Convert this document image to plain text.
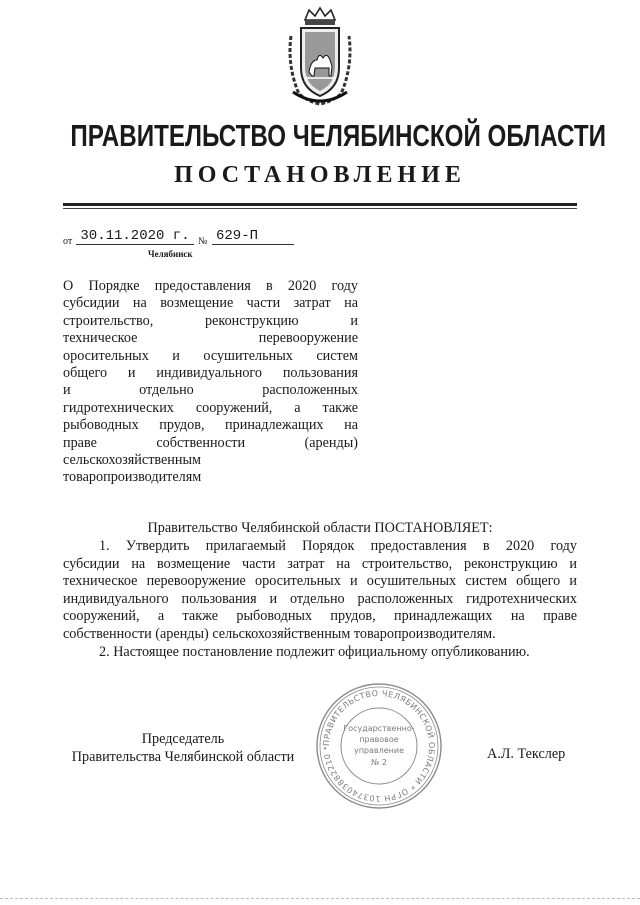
ПРАВИТЕЛЬСТВО ЧЕЛЯБИНСКОЙ ОБЛАСТИ
ПОСТАНОВЛЕНИЕ
от 30.11.2020 г. № 629-П
Челябинск
О Порядке предоставления в 2020 году
субсидии на возмещение части затрат на
строительство, реконструкцию и
техническое перевооружение
оросительных и осушительных систем
общего и индивидуального пользования
и отдельно расположенных
гидротехнических сооружений, а также
рыбоводных прудов, принадлежащих на
праве собственности (аренды)
сельскохозяйственным
товаропроизводителям
Правительство Челябинской области ПОСТАНОВЛЯЕТ:
1. Утвердить прилагаемый Порядок предоставления в 2020 году
субсидии на возмещение части затрат на строительство, реконструкцию и
техническое перевооружение оросительных и осушительных систем общего и
индивидуального пользования и отдельно расположенных гидротехнических
сооружений, а также рыбоводных прудов, принадлежащих на праве
собственности (аренды) сельскохозяйственным товаропроизводителям.
2. Настоящее постановление подлежит официальному опубликованию.
Председатель
Правительства Челябинской области	А.Л. Текслер
ПРАВИТЕЛЬСТВО ЧЕЛЯБИНСКОЙ ОБЛАСТИ * ОГРН 1037403882210 *
Государственно-
правовое
управление
№ 2
